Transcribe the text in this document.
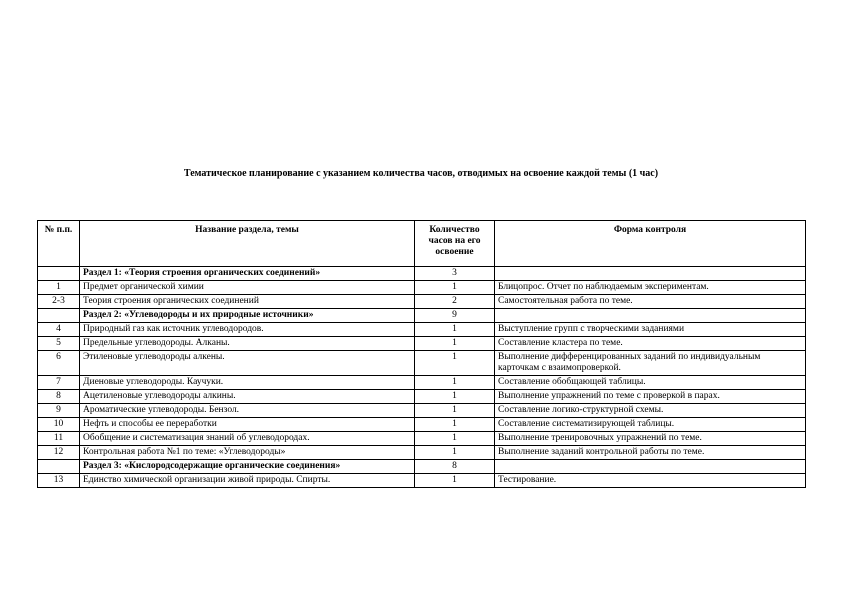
Тематическое планирование с указанием количества часов, отводимых на освоение каждой темы (1 час)
№ п.п.	Название раздела, темы	Количество часов на его освоение	Форма контроля
	Раздел 1: «Теория строения органических соединений»	3	
1	Предмет органической химии	1	Блицопрос. Отчет по наблюдаемым экспериментам.
2-3	Теория строения органических соединений	2	Самостоятельная работа по теме.
	Раздел 2: «Углеводороды и их природные источники»	9	
4	Природный газ как источник углеводородов.	1	Выступление групп с творческими заданиями
5	Предельные углеводороды. Алканы.	1	Составление кластера по теме.
6	Этиленовые углеводороды алкены.	1	Выполнение дифференцированных заданий по индивидуальным карточкам с взаимопроверкой.
7	Диеновые углеводороды. Каучуки.	1	Составление обобщающей таблицы.
8	Ацетиленовые углеводороды алкины.	1	Выполнение упражнений по теме с проверкой в парах.
9	Ароматические углеводороды. Бензол.	1	Составление логико-структурной схемы.
10	Нефть и способы ее переработки	1	Составление систематизирующей таблицы.
11	Обобщение и систематизация знаний об углеводородах.	1	Выполнение тренировочных упражнений по теме.
12	Контрольная работа №1 по теме: «Углеводороды»	1	Выполнение заданий контрольной работы по теме.
	Раздел 3: «Кислородсодержащие органические соединения»	8	
13	Единство химической организации живой природы. Спирты.	1	Тестирование.
